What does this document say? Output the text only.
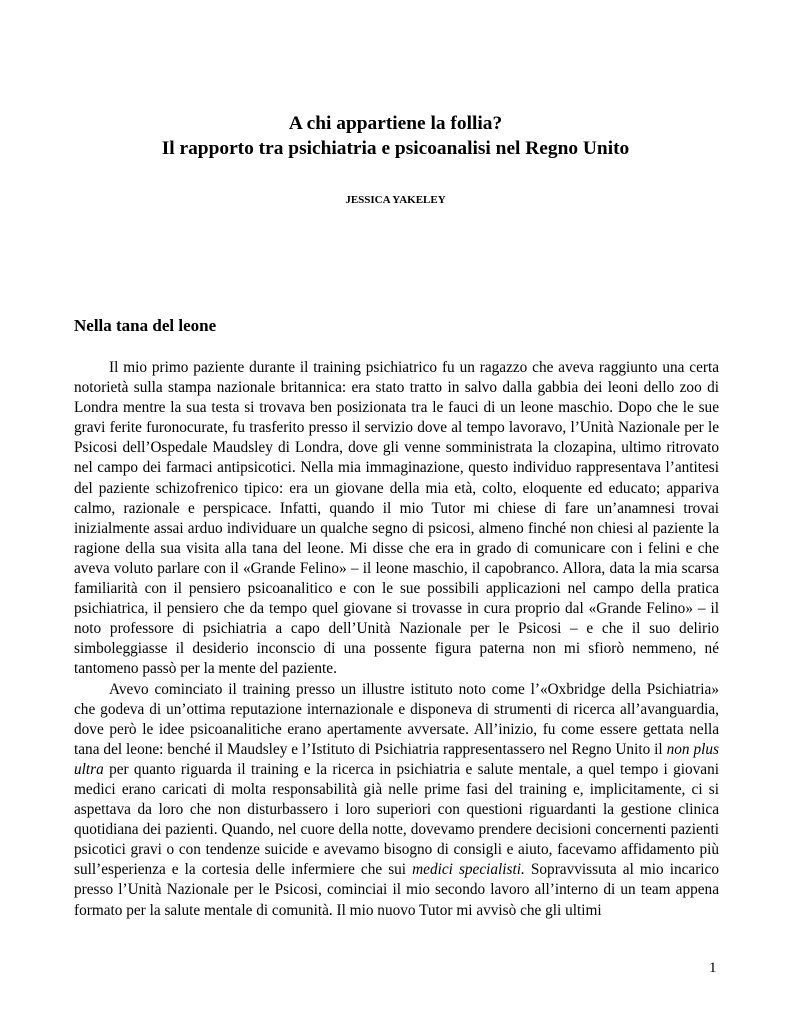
A chi appartiene la follia?
Il rapporto tra psichiatria e psicoanalisi nel Regno Unito
JESSICA YAKELEY
Nella tana del leone

Il mio primo paziente durante il training psichiatrico fu un ragazzo che aveva raggiunto una certa notorietà sulla stampa nazionale britannica: era stato tratto in salvo dalla gabbia dei leoni dello zoo di Londra mentre la sua testa si trovava ben posizionata tra le fauci di un leone maschio. Dopo che le sue gravi ferite furonocurate, fu trasferito presso il servizio dove al tempo lavoravo, l’Unità Nazionale per le Psicosi dell’Ospedale Maudsley di Londra, dove gli venne somministrata la clozapina, ultimo ritrovato nel campo dei farmaci antipsicotici. Nella mia immaginazione, questo individuo rappresentava l’antitesi del paziente schizofrenico tipico: era un giovane della mia età, colto, eloquente ed educato; appariva calmo, razionale e perspicace. Infatti, quando il mio Tutor mi chiese di fare un’anamnesi trovai inizialmente assai arduo individuare un qualche segno di psicosi, almeno finché non chiesi al paziente la ragione della sua visita alla tana del leone. Mi disse che era in grado di comunicare con i felini e che aveva voluto parlare con il «Grande Felino» – il leone maschio, il capobranco. Allora, data la mia scarsa familiarità con il pensiero psicoanalitico e con le sue possibili applicazioni nel campo della pratica psichiatrica, il pensiero che da tempo quel giovane si trovasse in cura proprio dal «Grande Felino» – il noto professore di psichiatria a capo dell’Unità Nazionale per le Psicosi – e che il suo delirio simboleggiasse il desiderio inconscio di una possente figura paterna non mi sfiorò nemmeno, né tantomeno passò per la mente del paziente.

Avevo cominciato il training presso un illustre istituto noto come l’«Oxbridge della Psichiatria» che godeva di un’ottima reputazione internazionale e disponeva di strumenti di ricerca all’avanguardia, dove però le idee psicoanalitiche erano apertamente avversate. All’inizio, fu come essere gettata nella tana del leone: benché il Maudsley e l’Istituto di Psichiatria rappresentassero nel Regno Unito il non plus ultra per quanto riguarda il training e la ricerca in psichiatria e salute mentale, a quel tempo i giovani medici erano caricati di molta responsabilità già nelle prime fasi del training e, implicitamente, ci si aspettava da loro che non disturbassero i loro superiori con questioni riguardanti la gestione clinica quotidiana dei pazienti. Quando, nel cuore della notte, dovevamo prendere decisioni concernenti pazienti psicotici gravi o con tendenze suicide e avevamo bisogno di consigli e aiuto, facevamo affidamento più sull’esperienza e la cortesia delle infermiere che sui medici specialisti. Sopravvissuta al mio incarico presso l’Unità Nazionale per le Psicosi, cominciai il mio secondo lavoro all’interno di un team appena formato per la salute mentale di comunità. Il mio nuovo Tutor mi avvisò che gli ultimi

1
